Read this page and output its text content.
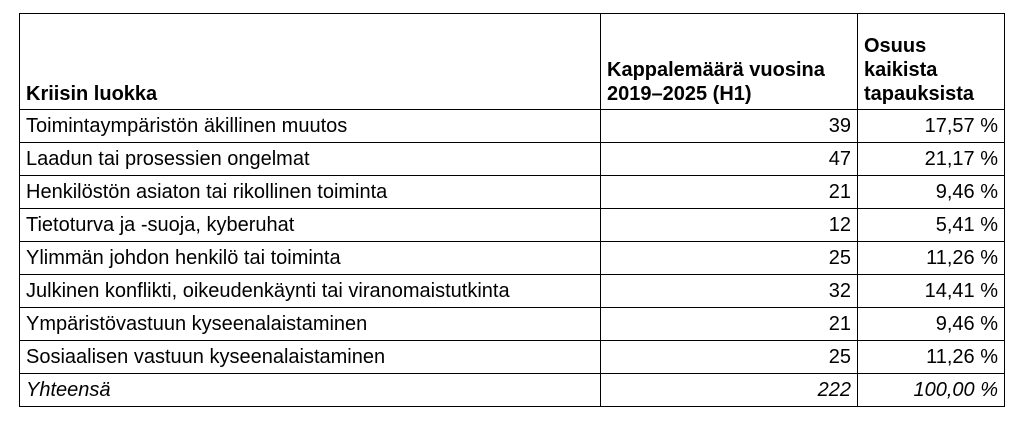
Kriisin luokka	Kappalemäärä vuosina 2019–2025 (H1)	Osuus kaikista tapauksista
Toimintaympäristön äkillinen muutos	39	17,57 %
Laadun tai prosessien ongelmat	47	21,17 %
Henkilöstön asiaton tai rikollinen toiminta	21	9,46 %
Tietoturva ja -suoja, kyberuhat	12	5,41 %
Ylimmän johdon henkilö tai toiminta	25	11,26 %
Julkinen konflikti, oikeudenkäynti tai viranomaistutkinta	32	14,41 %
Ympäristövastuun kyseenalaistaminen	21	9,46 %
Sosiaalisen vastuun kyseenalaistaminen	25	11,26 %
Yhteensä	222	100,00 %
